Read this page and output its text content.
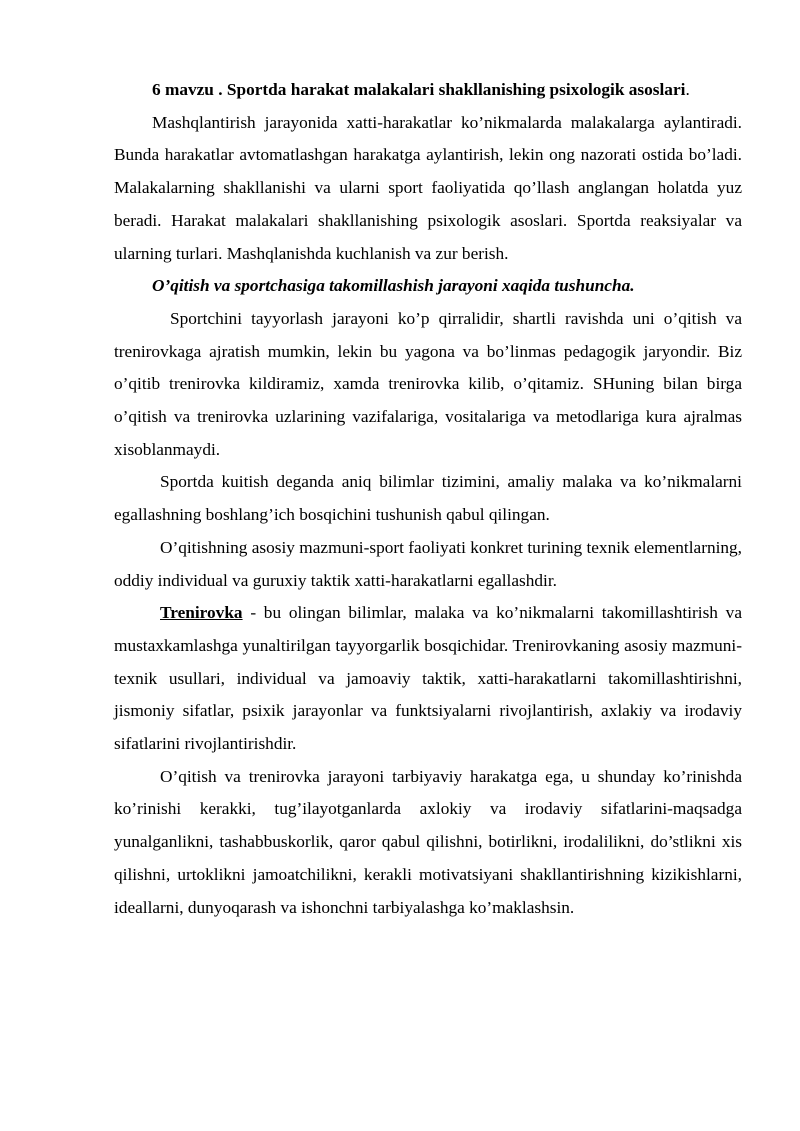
6 mavzu . Sportda harakat malakalari shakllanishing psixologik asoslari.

Mashqlantirish jarayonida xatti-harakatlar ko’nikmalarda malakalarga aylantiradi. Bunda harakatlar avtomatlashgan harakatga aylantirish, lekin ong nazorati ostida bo’ladi. Malakalarning shakllanishi va ularni sport faoliyatida qo’llash anglangan holatda yuz beradi. Harakat malakalari shakllanishing psixologik asoslari. Sportda reaksiyalar va ularning turlari. Mashqlanishda kuchlanish va zur berish.

O’qitish va sportchasiga takomillashish jarayoni xaqida tushuncha.

Sportchini tayyorlash jarayoni ko’p qirralidir, shartli ravishda uni o’qitish va trenirovkaga ajratish mumkin, lekin bu yagona va bo’linmas pedagogik jaryondir. Biz o’qitib trenirovka kildiramiz, xamda trenirovka kilib, o’qitamiz. SHuning bilan birga o’qitish va trenirovka uzlarining vazifalariga, vositalariga va metodlariga kura ajralmas xisoblanmaydi.

Sportda kuitish deganda aniq bilimlar tizimini, amaliy malaka va ko’nikmalarni egallashning boshlang’ich bosqichini tushunish qabul qilingan.

O’qitishning asosiy mazmuni-sport faoliyati konkret turining texnik elementlarning, oddiy individual va guruxiy taktik xatti-harakatlarni egallashdir.

Trenirovka - bu olingan bilimlar, malaka va ko’nikmalarni takomillashtirish va mustaxkamlashga yunaltirilgan tayyorgarlik bosqichidar. Trenirovkaning asosiy mazmuni- texnik usullari, individual va jamoaviy taktik, xatti-harakatlarni takomillashtirishni, jismoniy sifatlar, psixik jarayonlar va funktsiyalarni rivojlantirish, axlakiy va irodaviy sifatlarini rivojlantirishdir.

O’qitish va trenirovka jarayoni tarbiyaviy harakatga ega, u shunday ko’rinishda ko’rinishi kerakki, tug’ilayotganlarda axlokiy va irodaviy sifatlarini-maqsadga yunalganlikni, tashabbuskorlik, qaror qabul qilishni, botirlikni, irodalilikni, do’stlikni xis qilishni, urtoklikni jamoatchilikni, kerakli motivatsiyani shakllantirishning kizikishlarni, ideallarni, dunyoqarash va ishonchni tarbiyalashga ko’maklashsin.
